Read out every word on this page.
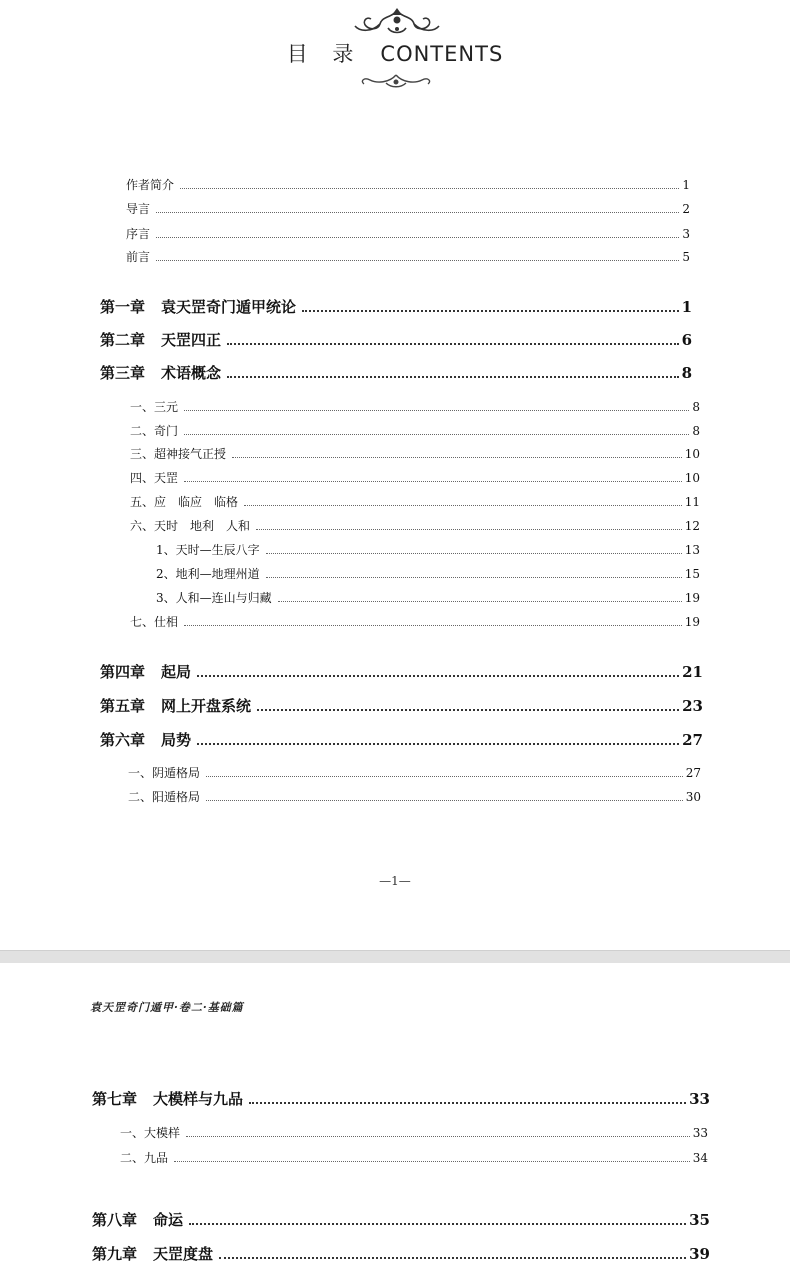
目 录 CONTENTS
作者简介	1
导言	2
序言	3
前言	5
第一章 袁天罡奇门遁甲统论	1
第二章 天罡四正	6
第三章 术语概念	8
一、三元	8
二、奇门	8
三、超神接气正授	10
四、天罡	10
五、应　临应　临格	11
六、天时　地利　人和	12
1、天时—生辰八字	13
2、地利—地理州道	15
3、人和—连山与归藏	19
七、仕相	19
第四章 起局	21
第五章 网上开盘系统	23
第六章 局势	27
一、阴遁格局	27
二、阳遁格局	30
—1—
袁天罡奇门遁甲·卷二·基础篇
第七章 大模样与九品	33
一、大模样	33
二、九品	34
第八章 命运	35
第九章 天罡度盘	39
